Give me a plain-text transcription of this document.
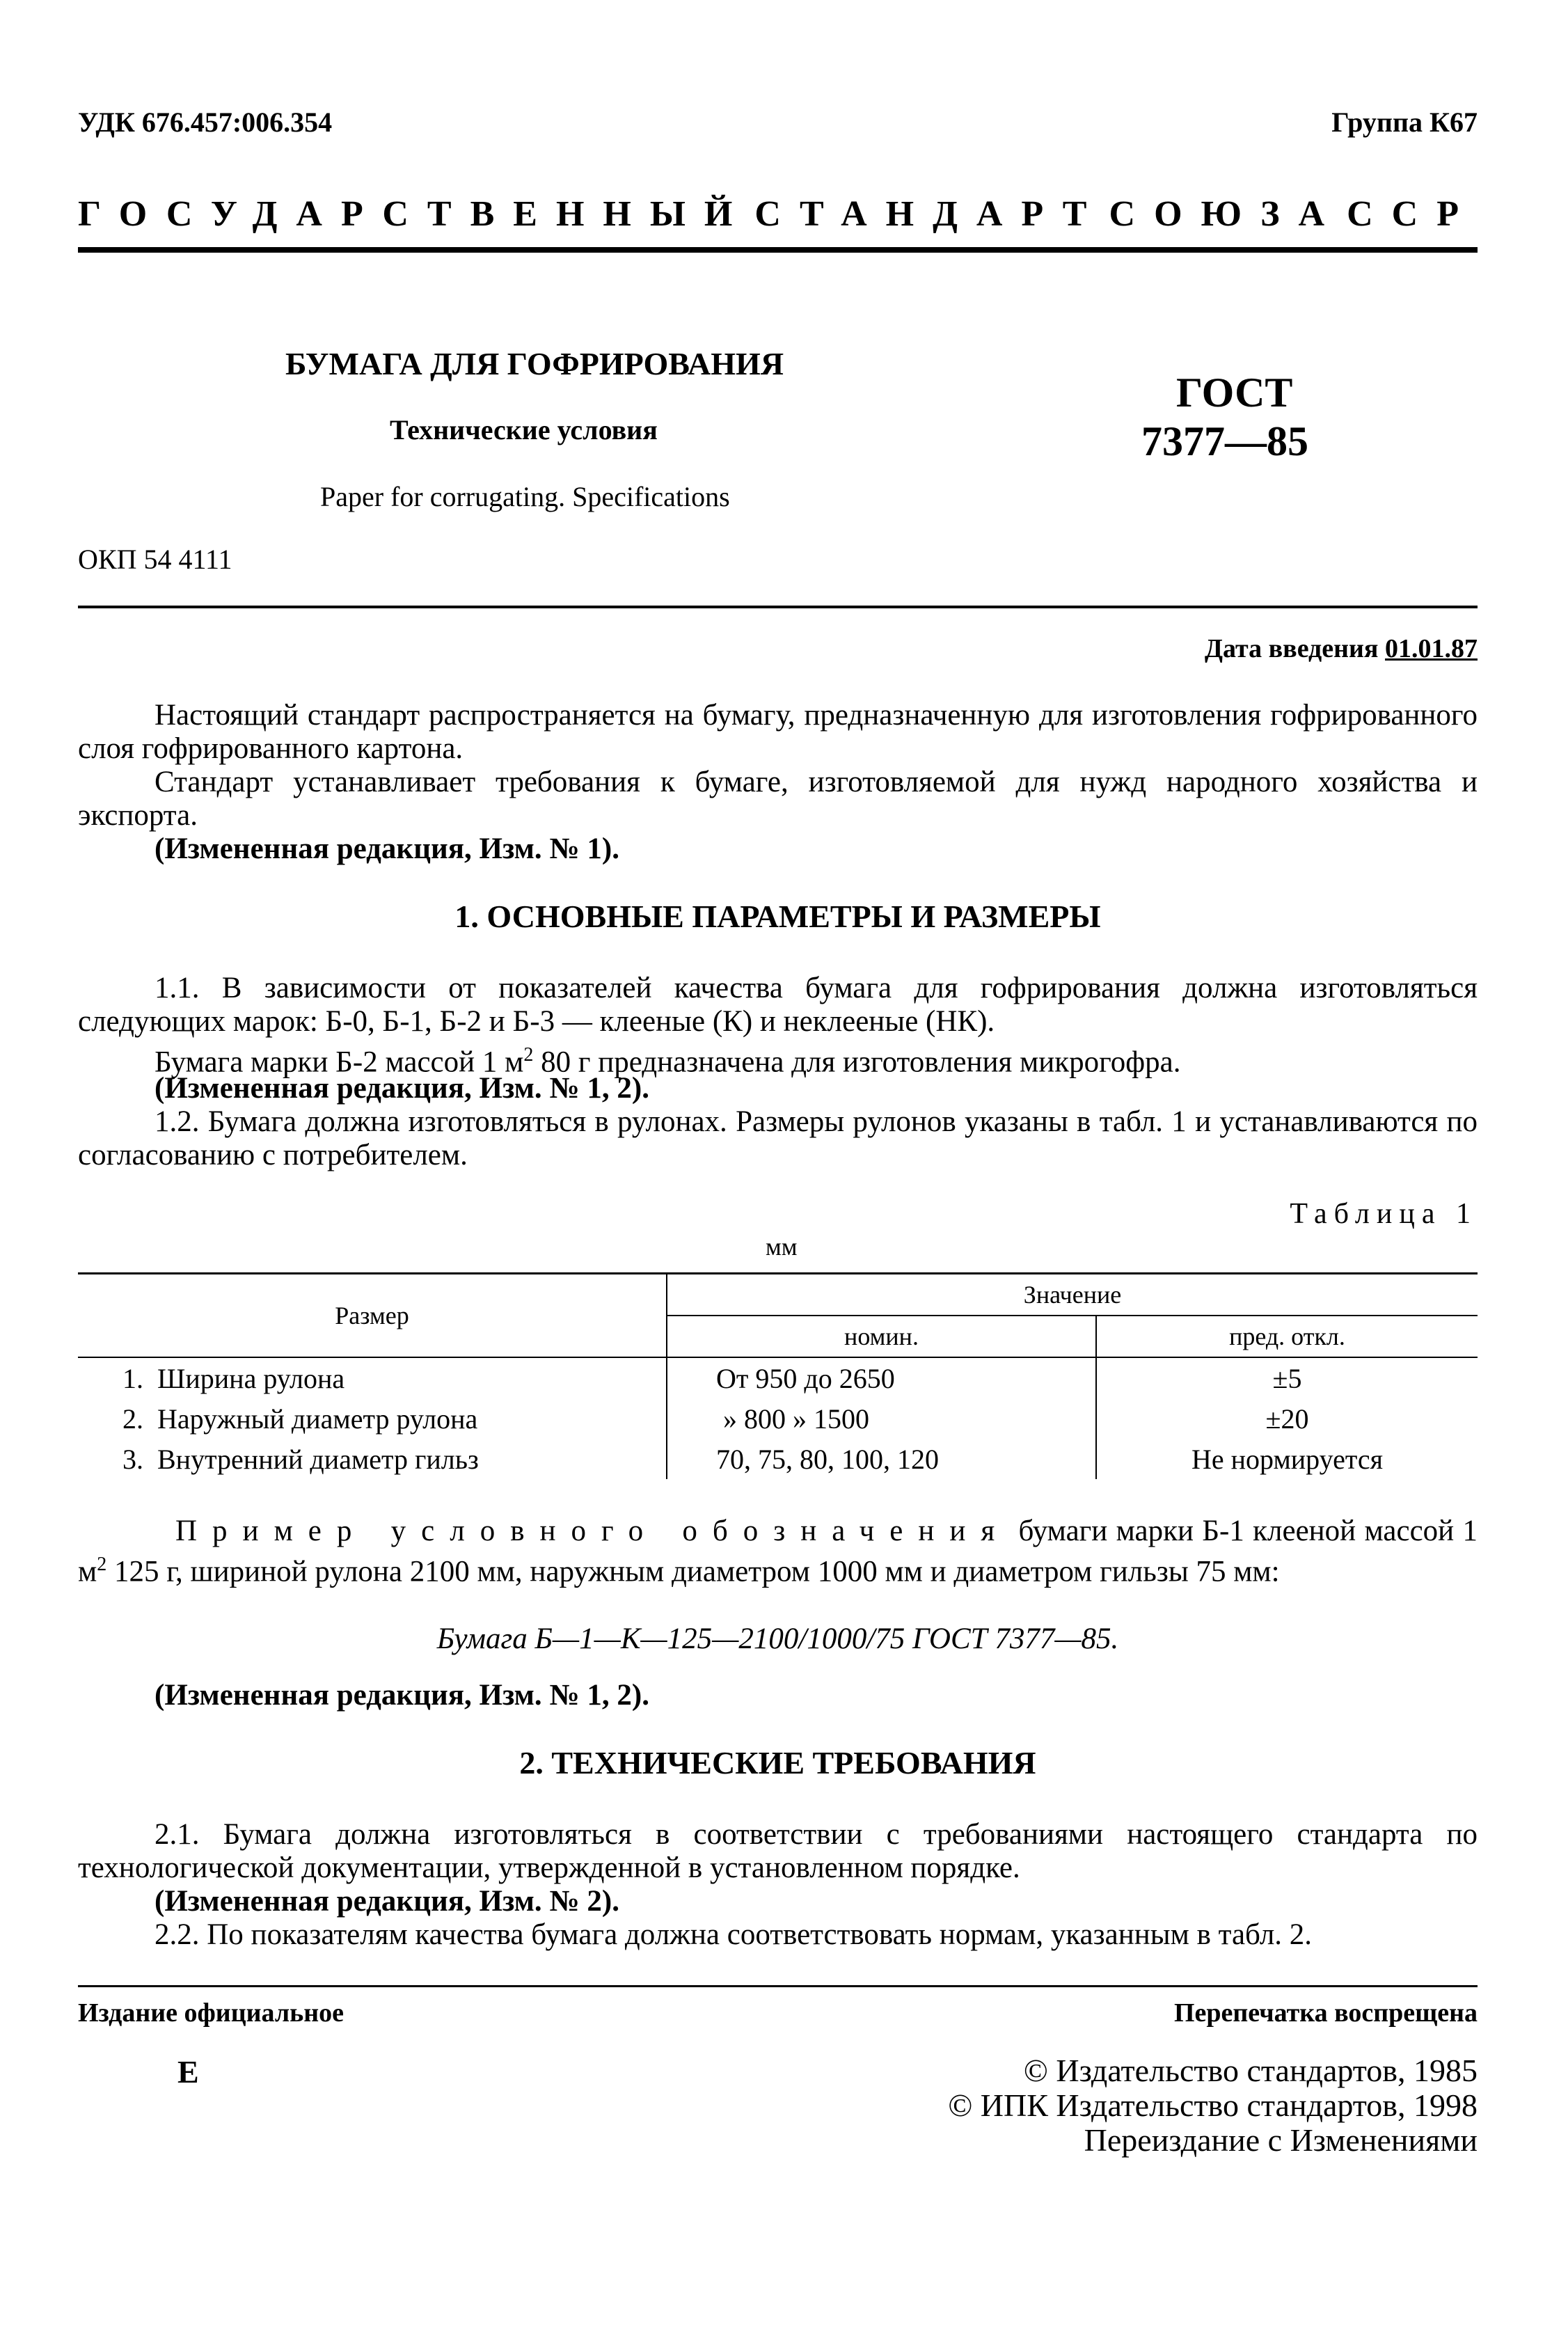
УДК 676.457:006.354	Группа К67
ГОСУДАРСТВЕННЫЙ СТАНДАРТ СОЮЗА ССР
БУМАГА ДЛЯ ГОФРИРОВАНИЯ
Технические условия
Paper for corrugating. Specifications
ГОСТ
7377—85
ОКП 54 4111
Дата введения 01.01.87
Настоящий стандарт распространяется на бумагу, предназначенную для изготовления гофрированного слоя гофрированного картона.
Стандарт устанавливает требования к бумаге, изготовляемой для нужд народного хозяйства и экспорта.
(Измененная редакция, Изм. № 1).
1. ОСНОВНЫЕ ПАРАМЕТРЫ И РАЗМЕРЫ
1.1. В зависимости от показателей качества бумага для гофрирования должна изготовляться следующих марок: Б-0, Б-1, Б-2 и Б-3 — клееные (К) и неклееные (НК).
Бумага марки Б-2 массой 1 $м^2$ 80 г предназначена для изготовления микрогофра.
(Измененная редакция, Изм. № 1, 2).
1.2. Бумага должна изготовляться в рулонах. Размеры рулонов указаны в табл. 1 и устанавливаются по согласованию с потребителем.
Таблица 1
мм
Размер	Значение	
	номин.	пред. откл.
1. Ширина рулона	От 950 до 2650	±5
2. Наружный диаметр рулона	» 800 » 1500	±20
3. Внутренний диаметр гильз	70, 75, 80, 100, 120	Не нормируется
Пример условного обозначения бумаги марки Б-1 клееной массой 1 $м^2$ 125 г, шириной рулона 2100 мм, наружным диаметром 1000 мм и диаметром гильзы 75 мм:
Бумага Б—1—К—125—2100/1000/75 ГОСТ 7377—85.
(Измененная редакция, Изм. № 1, 2).
2. ТЕХНИЧЕСКИЕ ТРЕБОВАНИЯ
2.1. Бумага должна изготовляться в соответствии с требованиями настоящего стандарта по технологической документации, утвержденной в установленном порядке.
(Измененная редакция, Изм. № 2).
2.2. По показателям качества бумага должна соответствовать нормам, указанным в табл. 2.
Издание официальное	Перепечатка воспрещена
Е	© Издательство стандартов, 1985
© ИПК Издательство стандартов, 1998
Переиздание с Изменениями
